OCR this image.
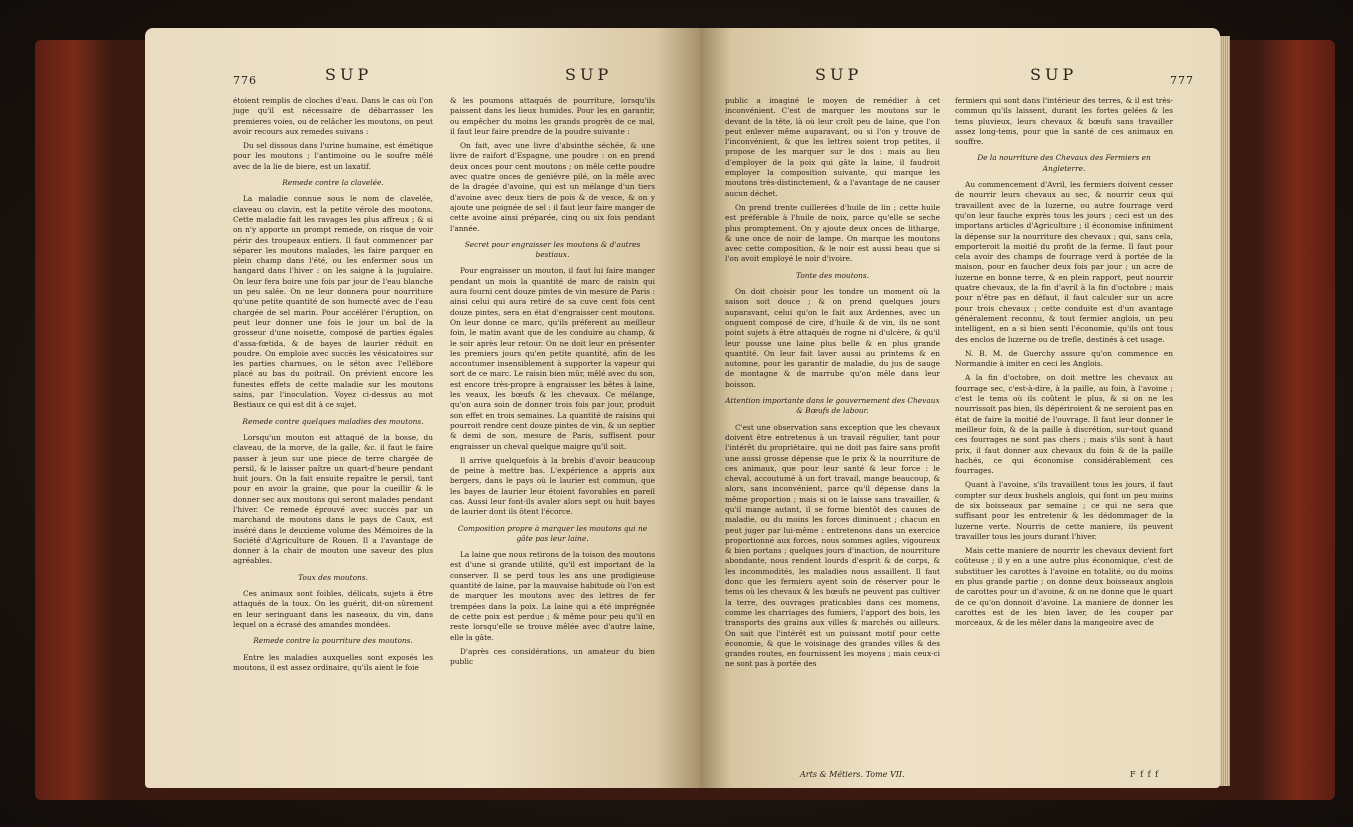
776	SUP	SUP

étoient remplis de cloches d'eau. Dans le cas où l'on juge qu'il est nécessaire de débarrasser les premieres voies, ou de relâcher les moutons, on peut avoir recours aux remedes suivans :

Du sel dissous dans l'urine humaine, est émétique pour les moutons ; l'antimoine ou le soufre mêlé avec de la lie de biere, est un laxatif.

Remede contre la clavelée.

La maladie connue sous le nom de clavelée, claveau ou clavin, est la petite vérole des moutons. Cette maladie fait les ravages les plus affreux ; & si on n'y apporte un prompt remede, on risque de voir périr des troupeaux entiers. Il faut commencer par séparer les moutons malades, les faire parquer en plein champ dans l'été, ou les enfermer sous un hangard dans l'hiver : on les saigne à la jugulaire. On leur fera boire une fois par jour de l'eau blanche un peu salée. On ne leur donnera pour nourriture qu'une petite quantité de son humecté avec de l'eau chargée de sel marin. Pour accélérer l'éruption, on peut leur donner une fois le jour un bol de la grosseur d'une noisette, composé de parties égales d'assa-fœtida, & de bayes de laurier réduit en poudre. On emploie avec succès les vésicatoires sur les parties charnues, ou le séton avec l'ellébore placé au bas du poitrail. On prévient encore les funestes effets de cette maladie sur les moutons sains, par l'inoculation. Voyez ci-dessus au mot Bestiaux ce qui est dit à ce sujet.

Remede contre quelques maladies des moutons.

Lorsqu'un mouton est attaqué de la bosse, du claveau, de la morve, de la galle, &c. il faut le faire passer à jeun sur une piece de terre chargée de persil, & le laisser paître un quart-d'heure pendant huit jours. On la fait ensuite repaître le persil, tant pour en avoir la graine, que pour la cueillir & le donner sec aux moutons qui seront malades pendant l'hiver. Ce remede éprouvé avec succès par un marchand de moutons dans le pays de Caux, est inséré dans le deuxieme volume des Mémoires de la Société d'Agriculture de Rouen. Il a l'avantage de donner à la chair de mouton une saveur des plus agréables.

Toux des moutons.

Ces animaux sont foibles, délicats, sujets à être attaqués de la toux. On les guérit, dit-on sûrement en leur seringuant dans les naseaux, du vin, dans lequel on a écrasé des amandes mondées.

Remede contre la pourriture des moutons.

Entre les maladies auxquelles sont exposés les moutons, il est assez ordinaire, qu'ils aient le foie

& les poumons attaqués de pourriture, lorsqu'ils paissent dans les lieux humides. Pour les en garantir, ou empêcher du moins les grands progrès de ce mal, il faut leur faire prendre de la poudre suivante :

On fait, avec une livre d'absinthe séchée, & une livre de raifort d'Espagne, une poudre : on en prend deux onces pour cent moutons ; on mêle cette poudre avec quatre onces de geniévre pilé, on la mêle avec de la dragée d'avoine, qui est un mélange d'un tiers d'avoine avec deux tiers de pois & de vesce, & on y ajoute une poignée de sel : il faut leur faire manger de cette avoine ainsi préparée, cinq ou six fois pendant l'année.

Secret pour engraisser les moutons & d'autres bestiaux.

Pour engraisser un mouton, il faut lui faire manger pendant un mois la quantité de marc de raisin qui aura fourni cent douze pintes de vin mesure de Paris : ainsi celui qui aura retiré de sa cuve cent fois cent douze pintes, sera en état d'engraisser cent moutons. On leur donne ce marc, qu'ils préferent au meilleur foin, le matin avant que de les conduire au champ, & le soir après leur retour. On ne doit leur en présenter les premiers jours qu'en petite quantité, afin de les accoutumer insensiblement à supporter la vapeur qui sort de ce marc. Le raisin bien mûr, mêlé avec du son, est encore très-propre à engraisser les bêtes à laine, les veaux, les bœufs & les chevaux. Ce mélange, qu'on aura soin de donner trois fois par jour, produit son effet en trois semaines. La quantité de raisins qui pourroit rendre cent douze pintes de vin, & un septier & demi de son, mesure de Paris, suffisent pour engraisser un cheval quelque maigre qu'il soit.

Il arrive quelquefois à la brebis d'avoir beaucoup de peine à mettre bas. L'expérience a appris aux bergers, dans le pays où le laurier est commun, que les bayes de laurier leur étoient favorables en pareil cas. Aussi leur font-ils avaler alors sept ou huit bayes de laurier dont ils ôtent l'écorce.

Composition propre à marquer les moutons qui ne gâte pas leur laine.

La laine que nous retirons de la toison des moutons est d'une si grande utilité, qu'il est important de la conserver. Il se perd tous les ans une prodigieuse quantité de laine, par la mauvaise habitude où l'on est de marquer les moutons avec des lettres de fer trempées dans la poix. La laine qui a été imprégnée de cette poix est perdue ; & même pour peu qu'il en reste lorsqu'elle se trouve mêlée avec d'autre laine, elle la gâte.

D'après ces considérations, un amateur du bien public

SUP	SUP	777

public a imaginé le moyen de remédier à cet inconvénient. C'est de marquer les moutons sur le devant de la tête, là où leur croît peu de laine, que l'on peut enlever même auparavant, ou si l'on y trouve de l'inconvénient, & que les lettres soient trop petites, il propose de les marquer sur le dos : mais au lieu d'employer de la poix qui gâte la laine, il faudroit employer la composition suivante, qui marque les moutons très-distinctement, & a l'avantage de ne causer aucun déchet.

On prend trente cuillerées d'huile de lin ; cette huile est préférable à l'huile de noix, parce qu'elle se seche plus promptement. On y ajoute deux onces de litharge, & une once de noir de lampe. On marque les moutons avec cette composition, & le noir est aussi beau que si l'on avoit employé le noir d'ivoire.

Tonte des moutons.

On doit choisir pour les tondre un moment où la saison soit douce ; & on prend quelques jours auparavant, celui qu'on le fait aux Ardennes, avec un onguent composé de cire, d'huile & de vin, ils ne sont point sujets à être attaqués de rogne ni d'ulcère, & qu'il leur pousse une laine plus belle & en plus grande quantité. On leur fait laver aussi au printems & en automne, pour les garantir de maladie, du jus de sauge de montagne & de marrube qu'on mêle dans leur boisson.

Attention importante dans le gouvernement des Chevaux & Bœufs de labour.

C'est une observation sans exception que les chevaux doivent être entretenus à un travail régulier, tant pour l'intérêt du propriétaire, qui ne doit pas faire sans profit une aussi grosse dépense que le prix & la nourriture de ces animaux, que pour leur santé & leur force : le cheval, accoutumé à un fort travail, mange beaucoup, & alors, sans inconvénient, parce qu'il dépense dans la même proportion ; mais si on le laisse sans travailler, & qu'il mange autant, il se forme bientôt des causes de maladie, ou du moins les forces diminuent ; chacun en peut juger par lui-même : entretenons dans un exercice proportionné aux forces, nous sommes agiles, vigoureux & bien portans ; quelques jours d'inaction, de nourriture abondante, nous rendent lourds d'esprit & de corps, & les incommodités, les maladies nous assaillent. Il faut donc que les fermiers ayent soin de réserver pour le tems où les chevaux & les bœufs ne peuvent pas cultiver la terre, des ouvrages praticables dans ces momens, comme les charriages des fumiers, l'apport des bois, les transports des grains aux villes & marchés ou ailleurs. On sait que l'intérêt est un puissant motif pour cette économie, & que le voisinage des grandes villes & des grandes routes, en fournissent les moyens ; mais ceux-ci ne sont pas à portée des

fermiers qui sont dans l'intérieur des terres, & il est très-commun qu'ils laissent, durant les fortes gelées & les tems pluvieux, leurs chevaux & bœufs sans travailler assez long-tems, pour que la santé de ces animaux en souffre.

De la nourriture des Chevaux des Fermiers en Angleterre.

Au commencement d'Avril, les fermiers doivent cesser de nourrir leurs chevaux au sec, & nourrir ceux qui travaillent avec de la luzerne, ou autre fourrage verd qu'on leur fauche exprès tous les jours ; ceci est un des importans articles d'Agriculture ; il économise infiniment la dépense sur la nourriture des chevaux ; qui, sans cela, emporteroit la moitié du profit de la ferme. Il faut pour cela avoir des champs de fourrage verd à portée de la maison, pour en faucher deux fois par jour ; un acre de luzerne en bonne terre, & en plein rapport, peut nourrir quatre chevaux, de la fin d'avril à la fin d'octobre ; mais pour n'être pas en défaut, il faut calculer sur un acre pour trois chevaux ; cette conduite est d'un avantage généralement reconnu, & tout fermier anglois, un peu intelligent, en a si bien senti l'économie, qu'ils ont tous des enclos de luzerne ou de trefle, destinés à cet usage.

N. B. M. de Guerchy assure qu'on commence en Normandie à imiter en ceci les Anglois.

A la fin d'octobre, on doit mettre les chevaux au fourrage sec, c'est-à-dire, à la paille, au foin, à l'avoine ; c'est le tems où ils coûtent le plus, & si on ne les nourrissoit pas bien, ils dépériroient & ne seroient pas en état de faire la moitié de l'ouvrage. Il faut leur donner le meilleur foin, & de la paille à discrétion, sur-tout quand ces fourrages ne sont pas chers ; mais s'ils sont à haut prix, il faut donner aux chevaux du foin & de la paille hachés, ce qui économise considérablement ces fourrages.

Quant à l'avoine, s'ils travaillent tous les jours, il faut compter sur deux bushels anglois, qui font un peu moins de six boisseaux par semaine ; ce qui ne sera que suffisant pour les entretenir & les dédommager de la luzerne verte. Nourris de cette maniere, ils peuvent travailler tous les jours durant l'hiver.

Mais cette maniere de nourrir les chevaux devient fort coûteuse ; il y en a une autre plus économique, c'est de substituer les carottes à l'avoine en totalité, ou du moins en plus grande partie ; on donne deux boisseaux anglois de carottes pour un d'avoine, & on ne donne que le quart de ce qu'on donnoit d'avoine. La maniere de donner les carottes est de les bien laver, de les couper par morceaux, & de les mêler dans la mangeoire avec de

Arts & Métiers. Tome VII.	F f f f
